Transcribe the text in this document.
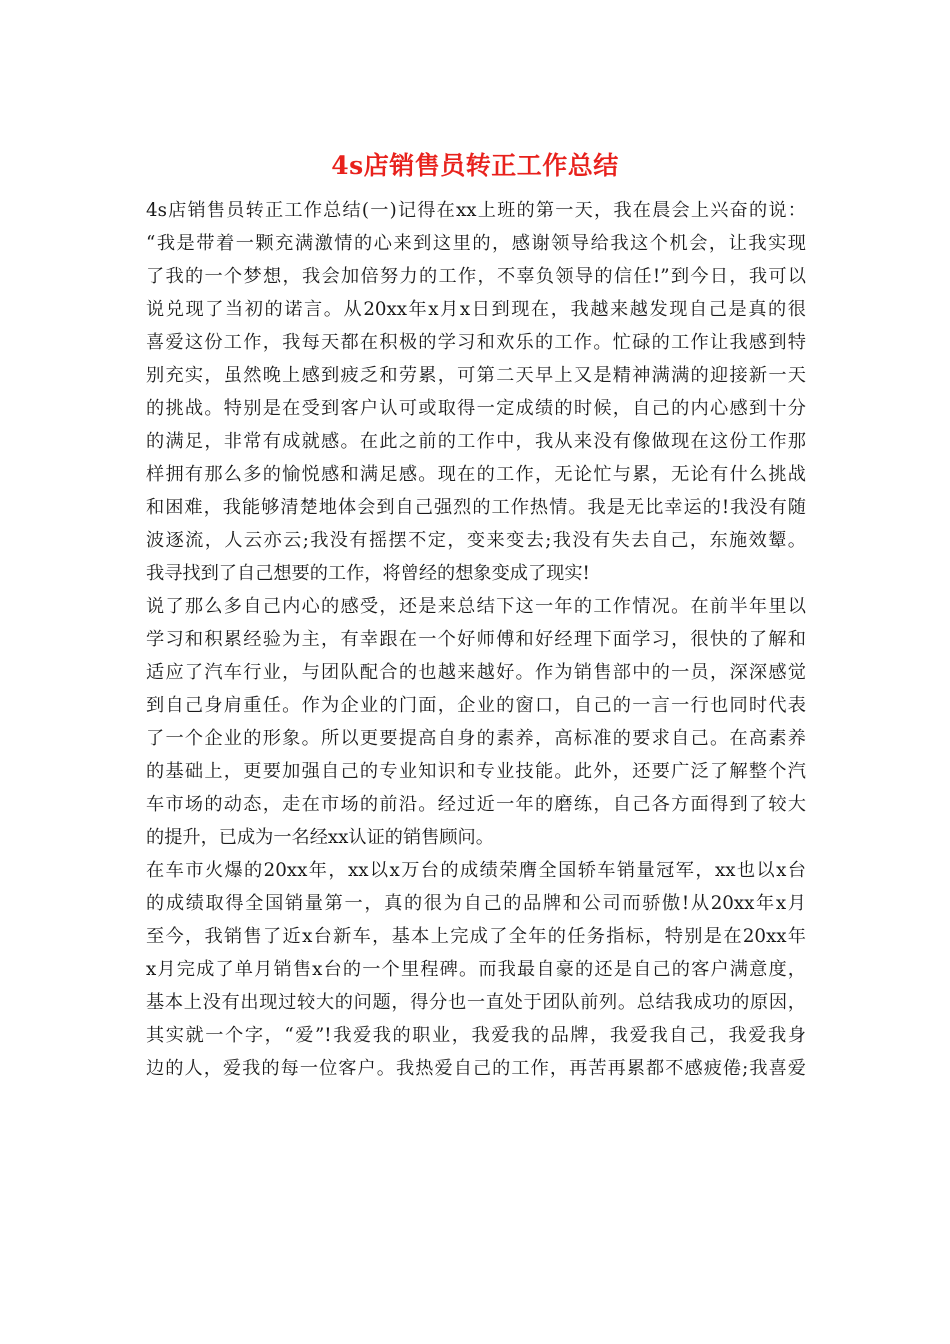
4s店销售员转正工作总结
4s店销售员转正工作总结(一)记得在xx上班的第一天，我在晨会上兴奋的说：
“我是带着一颗充满激情的心来到这里的，感谢领导给我这个机会，让我实现
了我的一个梦想，我会加倍努力的工作，不辜负领导的信任!”到今日，我可以
说兑现了当初的诺言。从20xx年x月x日到现在，我越来越发现自己是真的很
喜爱这份工作，我每天都在积极的学习和欢乐的工作。忙碌的工作让我感到特
别充实，虽然晚上感到疲乏和劳累，可第二天早上又是精神满满的迎接新一天
的挑战。特别是在受到客户认可或取得一定成绩的时候，自己的内心感到十分
的满足，非常有成就感。在此之前的工作中，我从来没有像做现在这份工作那
样拥有那么多的愉悦感和满足感。现在的工作，无论忙与累，无论有什么挑战
和困难，我能够清楚地体会到自己强烈的工作热情。我是无比幸运的!我没有随
波逐流，人云亦云;我没有摇摆不定，变来变去;我没有失去自己，东施效颦。
我寻找到了自己想要的工作，将曾经的想象变成了现实!
说了那么多自己内心的感受，还是来总结下这一年的工作情况。在前半年里以
学习和积累经验为主，有幸跟在一个好师傅和好经理下面学习，很快的了解和
适应了汽车行业，与团队配合的也越来越好。作为销售部中的一员，深深感觉
到自己身肩重任。作为企业的门面，企业的窗口，自己的一言一行也同时代表
了一个企业的形象。所以更要提高自身的素养，高标准的要求自己。在高素养
的基础上，更要加强自己的专业知识和专业技能。此外，还要广泛了解整个汽
车市场的动态，走在市场的前沿。经过近一年的磨练，自己各方面得到了较大
的提升，已成为一名经xx认证的销售顾问。
在车市火爆的20xx年，xx以x万台的成绩荣膺全国轿车销量冠军，xx也以x台
的成绩取得全国销量第一，真的很为自己的品牌和公司而骄傲!从20xx年x月
至今，我销售了近x台新车，基本上完成了全年的任务指标，特别是在20xx年
x月完成了单月销售x台的一个里程碑。而我最自豪的还是自己的客户满意度，
基本上没有出现过较大的问题，得分也一直处于团队前列。总结我成功的原因，
其实就一个字，“爱”!我爱我的职业，我爱我的品牌，我爱我自己，我爱我身
边的人，爱我的每一位客户。我热爱自己的工作，再苦再累都不感疲倦;我喜爱
